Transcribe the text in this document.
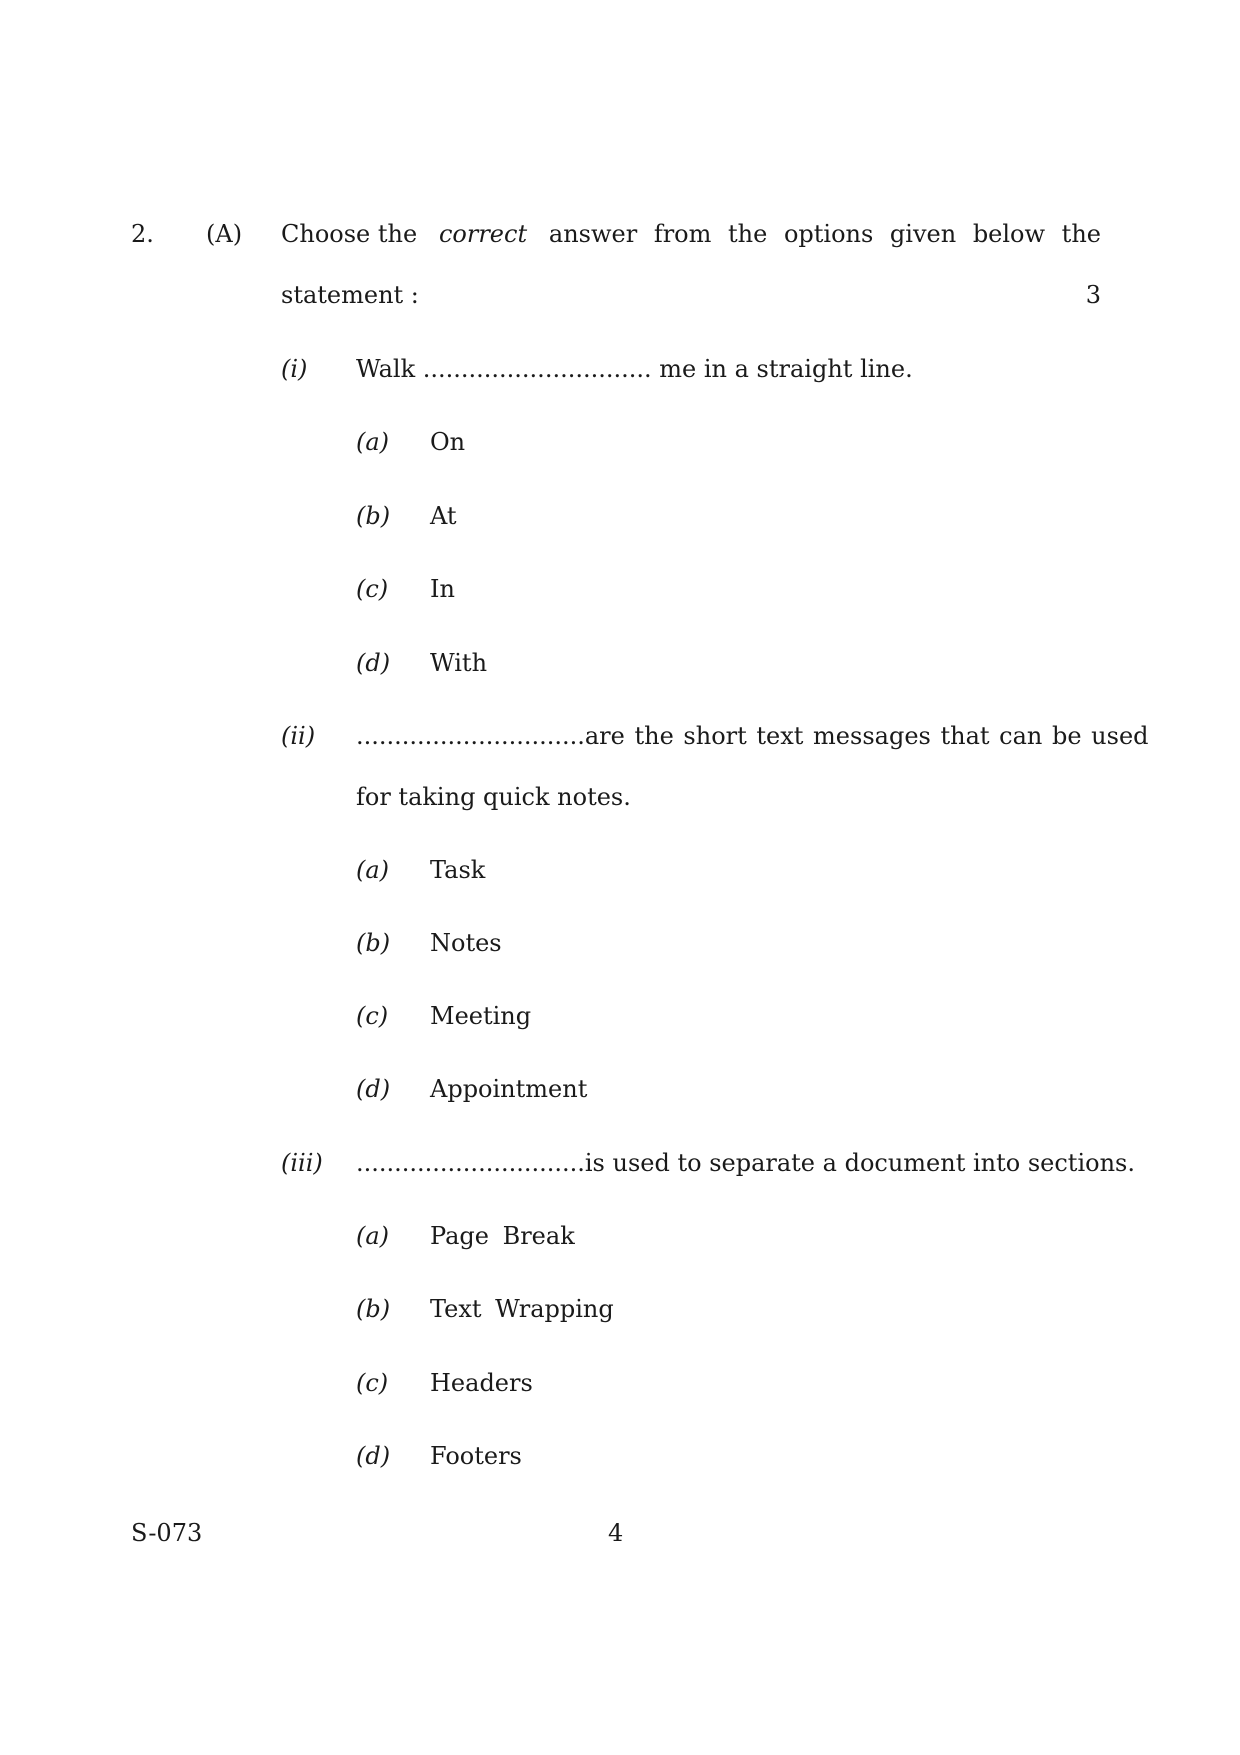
2. (A) Choose the correct answer from the options given below the
statement :	3
(i) Walk .............................. me in a straight line.
(a) On
(b) At
(c) In
(d) With
(ii) .............................. are the short text messages that can be used
for taking quick notes.
(a) Task
(b) Notes
(c) Meeting
(d) Appointment
(iii) .............................. is used to separate a document into sections.
(a) Page Break
(b) Text Wrapping
(c) Headers
(d) Footers
S-073	4
